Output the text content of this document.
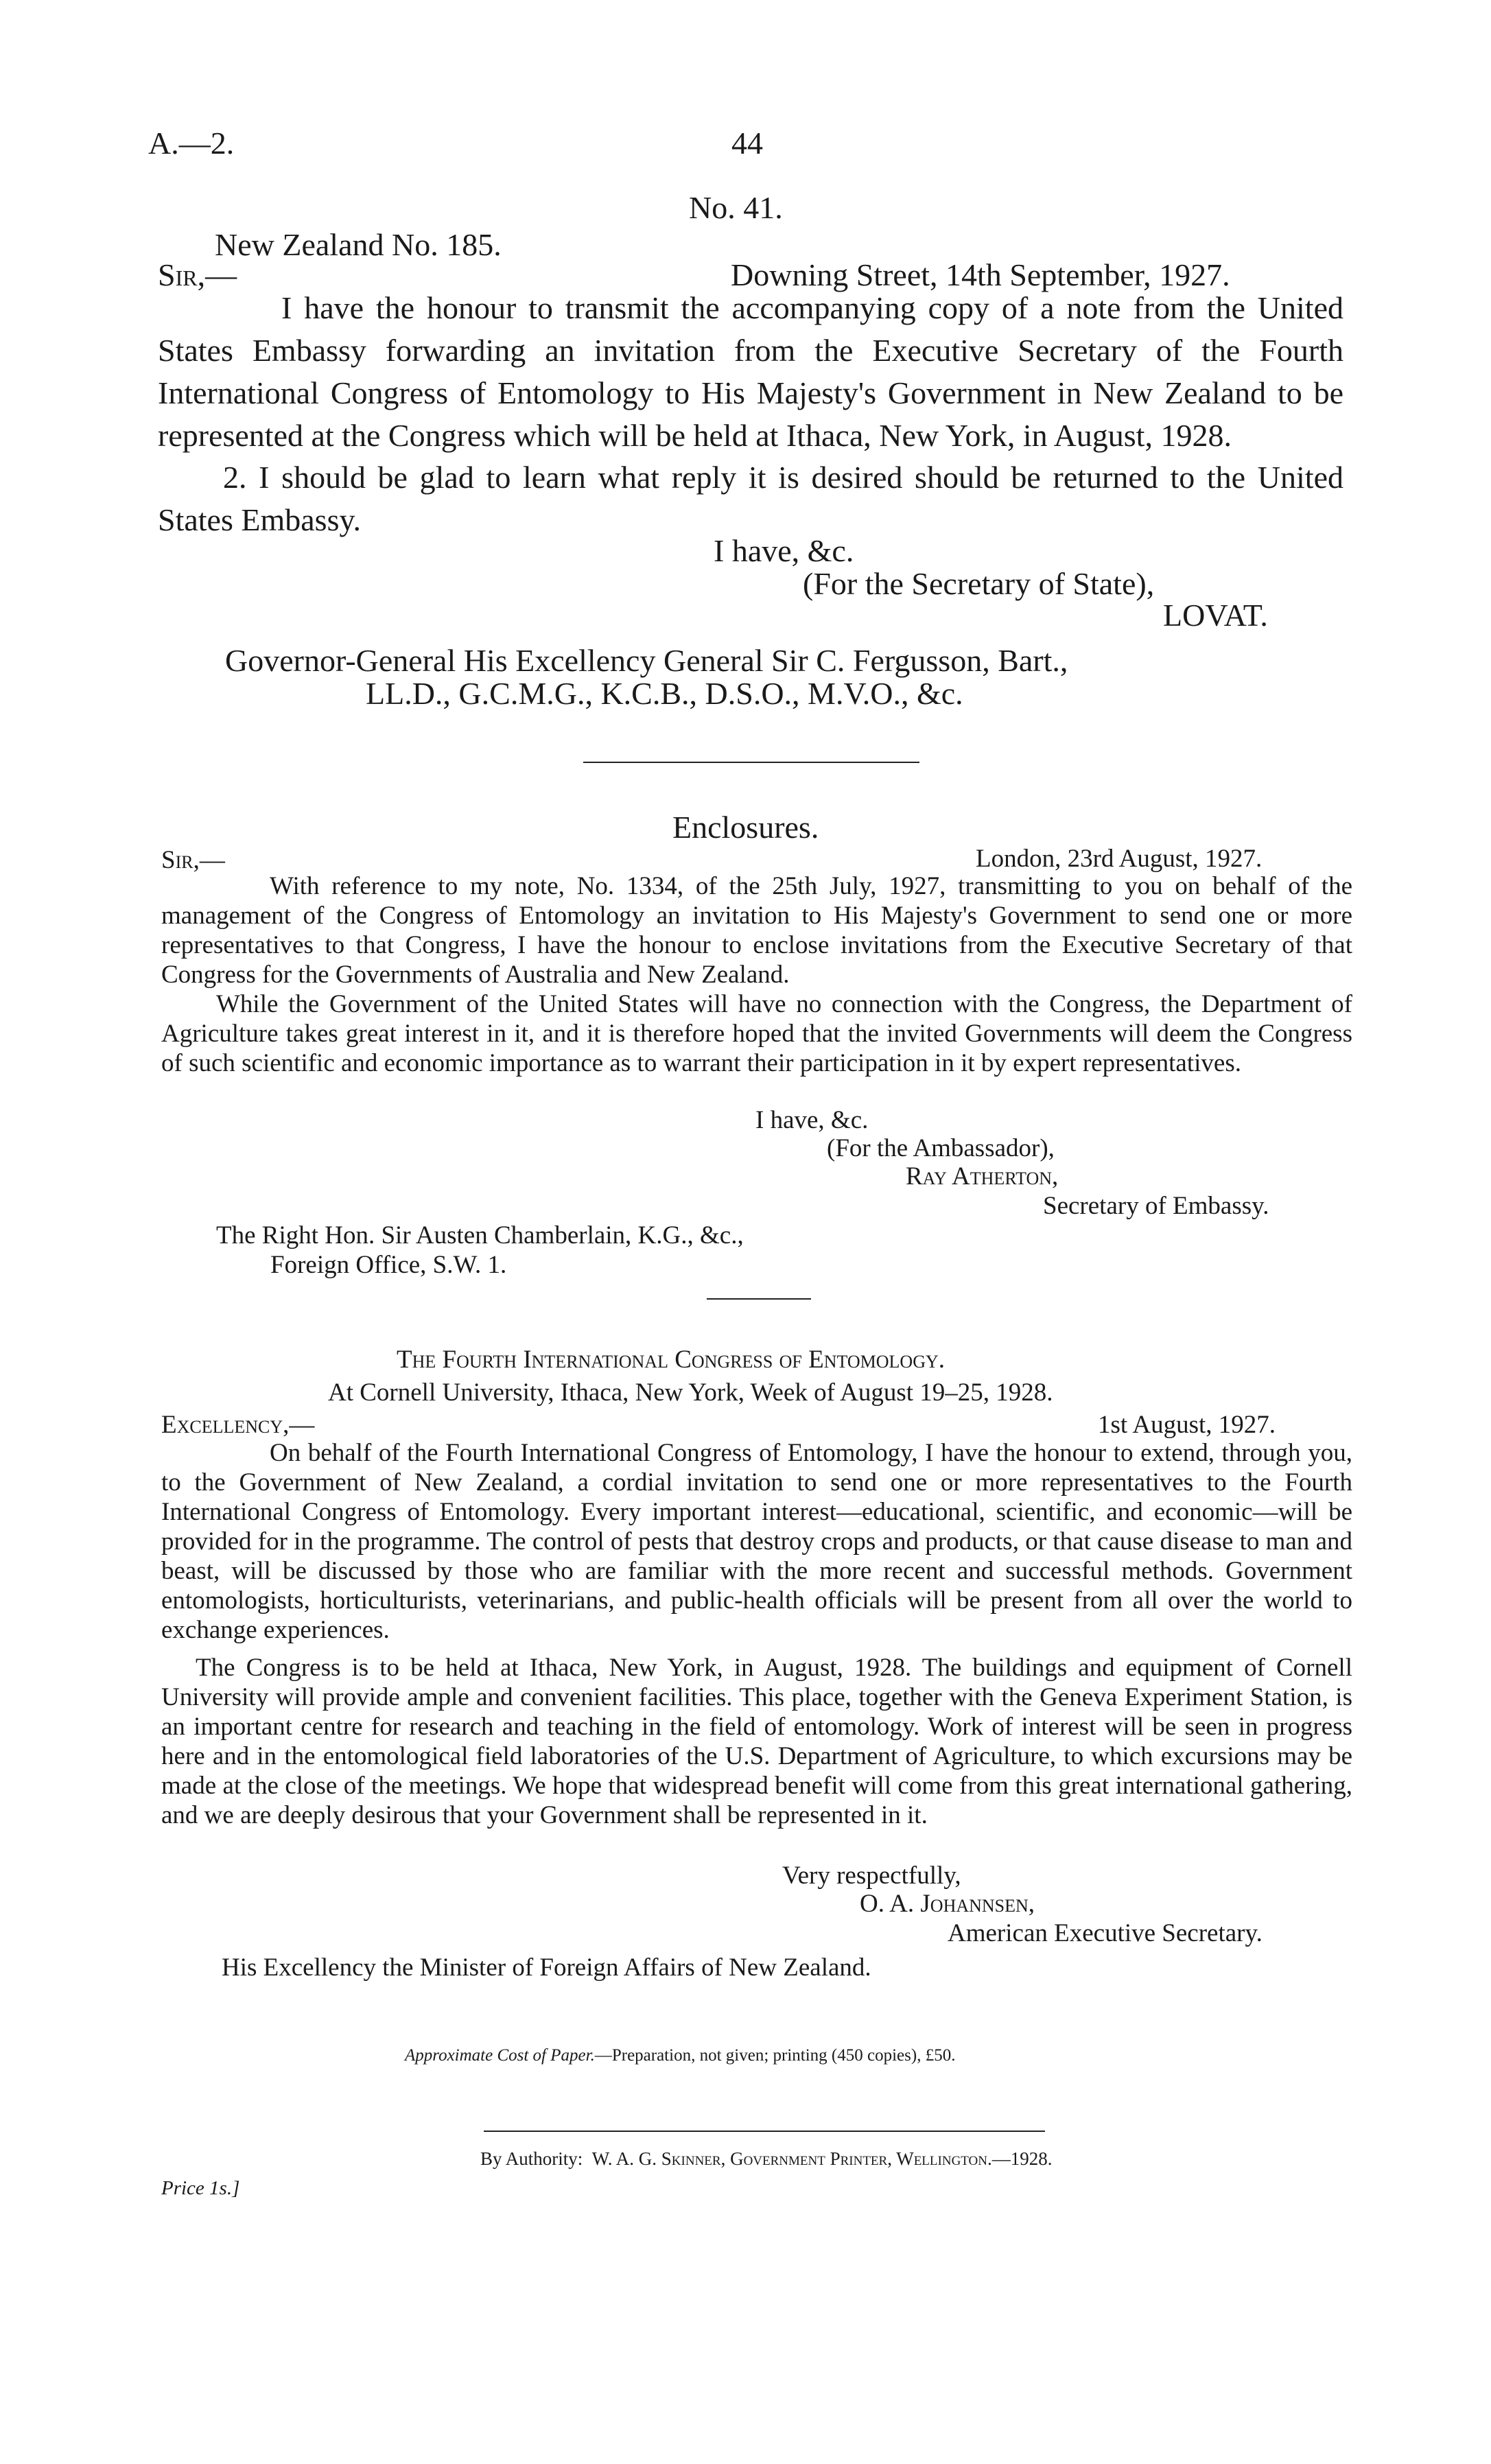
A.—2.	44
No. 41.
New Zealand No. 185.
Sir,—	Downing Street, 14th September, 1927.
I have the honour to transmit the accompanying copy of a note from the United States Embassy forwarding an invitation from the Executive Secretary of the Fourth International Congress of Entomology to His Majesty's Government in New Zealand to be represented at the Congress which will be held at Ithaca, New York, in August, 1928.
2. I should be glad to learn what reply it is desired should be returned to the United States Embassy.
I have, &c.
(For the Secretary of State),
LOVAT.
Governor-General His Excellency General Sir C. Fergusson, Bart.,
LL.D., G.C.M.G., K.C.B., D.S.O., M.V.O., &c.
Enclosures.
Sir,—	London, 23rd August, 1927.
With reference to my note, No. 1334, of the 25th July, 1927, transmitting to you on behalf of the management of the Congress of Entomology an invitation to His Majesty's Government to send one or more representatives to that Congress, I have the honour to enclose invitations from the Executive Secretary of that Congress for the Governments of Australia and New Zealand.
While the Government of the United States will have no connection with the Congress, the Department of Agriculture takes great interest in it, and it is therefore hoped that the invited Governments will deem the Congress of such scientific and economic importance as to warrant their participation in it by expert representatives.
I have, &c.
(For the Ambassador),
Ray Atherton,
Secretary of Embassy.
The Right Hon. Sir Austen Chamberlain, K.G., &c.,
Foreign Office, S.W. 1.
The Fourth International Congress of Entomology.
At Cornell University, Ithaca, New York, Week of August 19–25, 1928.
Excellency,—	1st August, 1927.
On behalf of the Fourth International Congress of Entomology, I have the honour to extend, through you, to the Government of New Zealand, a cordial invitation to send one or more representatives to the Fourth International Congress of Entomology. Every important interest—educational, scientific, and economic—will be provided for in the programme. The control of pests that destroy crops and products, or that cause disease to man and beast, will be discussed by those who are familiar with the more recent and successful methods. Government entomologists, horticulturists, veterinarians, and public-health officials will be present from all over the world to exchange experiences.
The Congress is to be held at Ithaca, New York, in August, 1928. The buildings and equipment of Cornell University will provide ample and convenient facilities. This place, together with the Geneva Experiment Station, is an important centre for research and teaching in the field of entomology. Work of interest will be seen in progress here and in the entomological field laboratories of the U.S. Department of Agriculture, to which excursions may be made at the close of the meetings. We hope that widespread benefit will come from this great international gathering, and we are deeply desirous that your Government shall be represented in it.
Very respectfully,
O. A. Johannsen,
American Executive Secretary.
His Excellency the Minister of Foreign Affairs of New Zealand.
Approximate Cost of Paper.—Preparation, not given; printing (450 copies), £50.
By Authority: W. A. G. Skinner, Government Printer, Wellington.—1928.
Price 1s.]
